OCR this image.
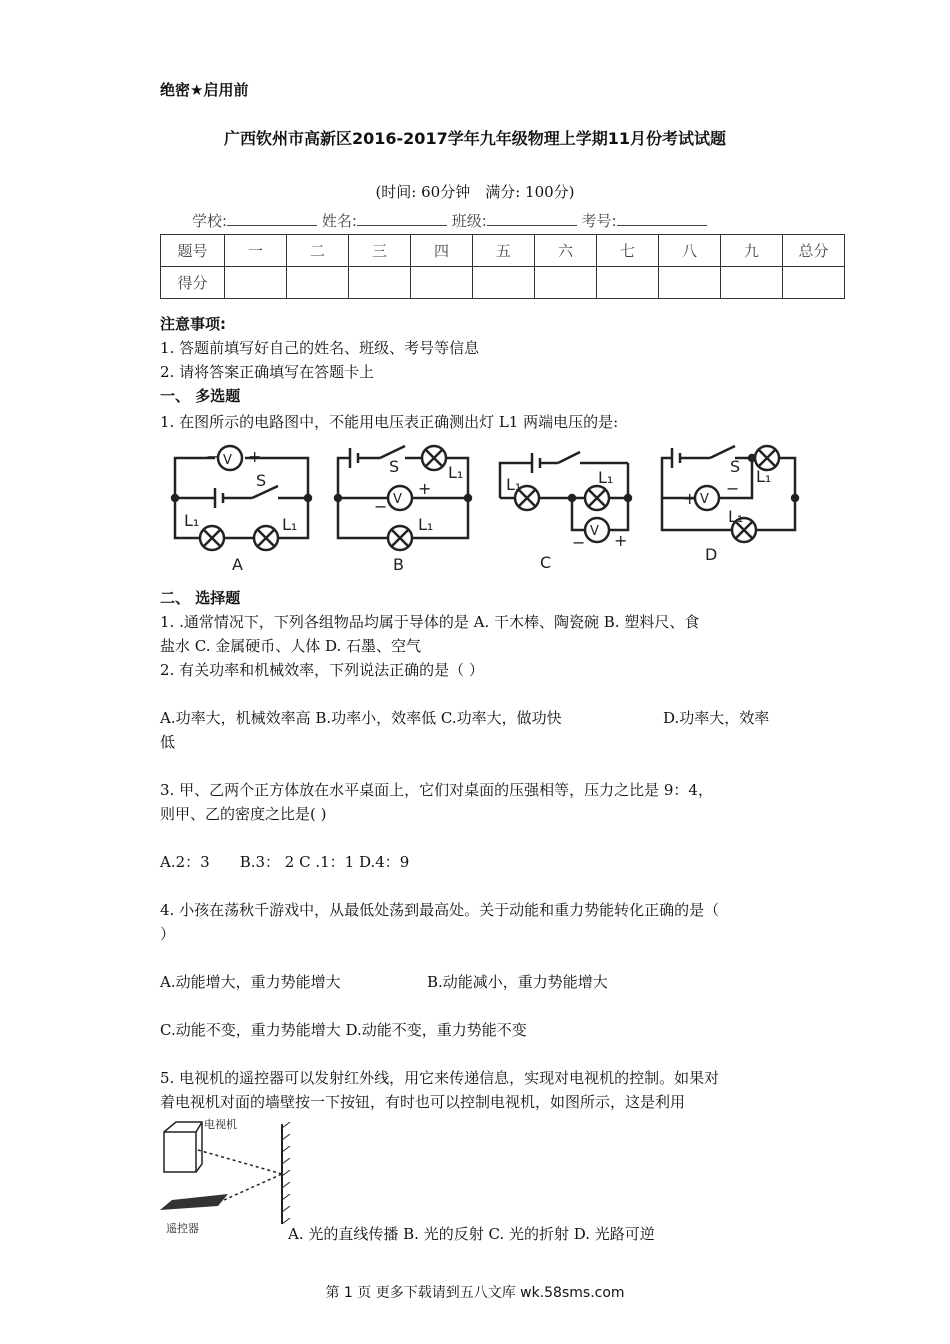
绝密★启用前
广西钦州市高新区2016-2017学年九年级物理上学期11月份考试试题
(时间: 60分钟　满分: 100分)
学校:	姓名:	班级:	考号:
题号	一	二	三	四	五	六	七	八	九	总分
得分										
注意事项:
1. 答题前填写好自己的姓名、班级、考号等信息
2. 请将答案正确填写在答题卡上
一、 多选题
1. 在图所示的电路图中，不能用电压表正确测出灯 L1 两端电压的是:
V
− +
S
L₁	L₁
A
S	L₁
V
+
−
L₁
B
L₁	L₁
V
− +
C
S
L₁
V
+
−
L₁
D
二、 选择题
1. .通常情况下，下列各组物品均属于导体的是 A. 干木棒、陶瓷碗 B. 塑料尺、食
盐水 C. 金属硬币、人体 D. 石墨、空气
2. 有关功率和机械效率，下列说法正确的是（ ）
A.功率大，机械效率高 B.功率小，效率低 C.功率大，做功快	D.功率大，效率
低
3. 甲、乙两个正方体放在水平桌面上，它们对桌面的压强相等，压力之比是 9：4，
则甲、乙的密度之比是( )
A.2：3　　B.3： 2 C .1：1 D.4：9
4. 小孩在荡秋千游戏中，从最低处荡到最高处。关于动能和重力势能转化正确的是（
）
A.动能增大，重力势能增大	B.动能减小，重力势能增大
C.动能不变，重力势能增大 D.动能不变，重力势能不变
5. 电视机的遥控器可以发射红外线，用它来传递信息，实现对电视机的控制。如果对
着电视机对面的墙壁按一下按钮，有时也可以控制电视机，如图所示，这是利用
电视机
遥控器	A. 光的直线传播 B. 光的反射 C. 光的折射 D. 光路可逆
第 1 页 更多下载请到五八文库 wk.58sms.com
